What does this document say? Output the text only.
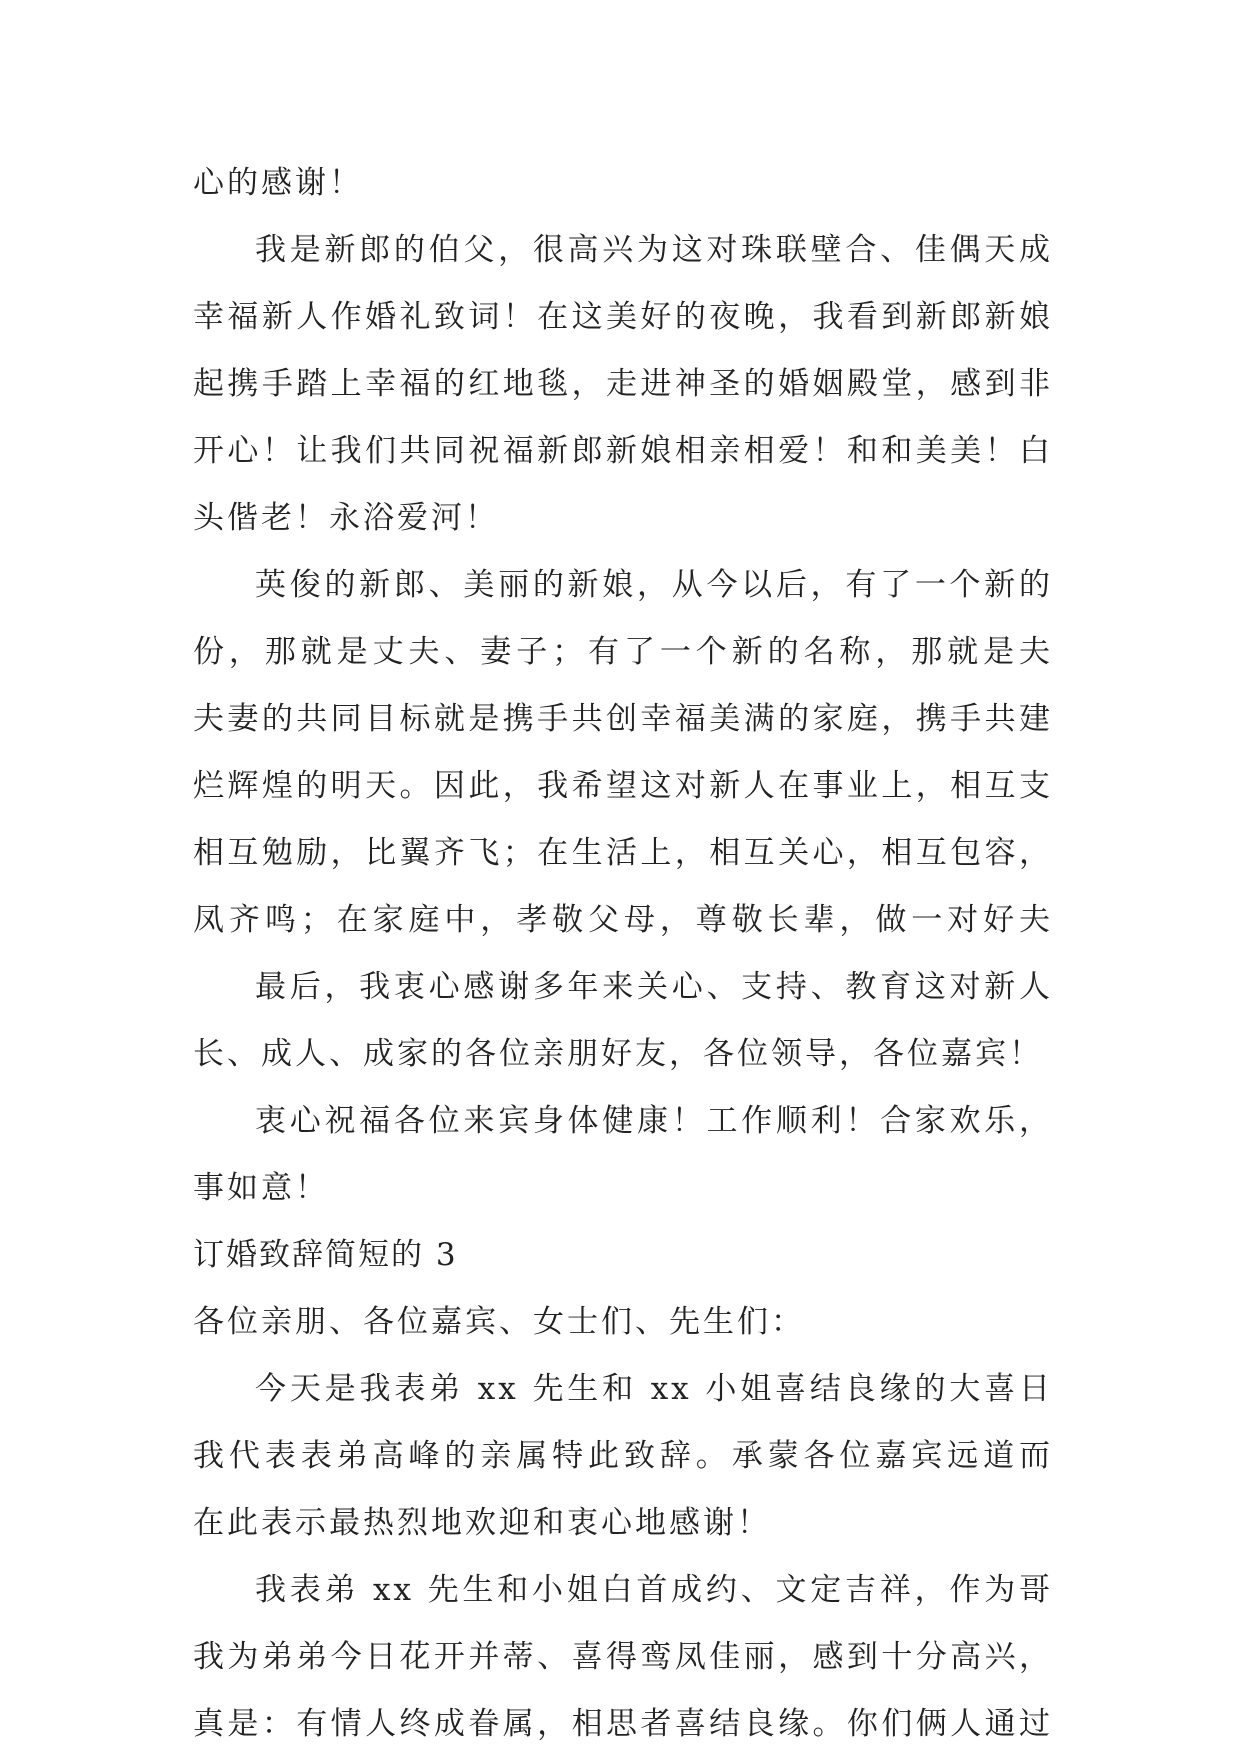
心的感谢！
我是新郎的伯父，很高兴为这对珠联壁合、佳偶天成
幸福新人作婚礼致词！在这美好的夜晚，我看到新郎新娘
起携手踏上幸福的红地毯，走进神圣的婚姻殿堂，感到非
开心！让我们共同祝福新郎新娘相亲相爱！和和美美！白
头偕老！永浴爱河！
英俊的新郎、美丽的新娘，从今以后，有了一个新的
份，那就是丈夫、妻子；有了一个新的名称，那就是夫
夫妻的共同目标就是携手共创幸福美满的家庭，携手共建
烂辉煌的明天。因此，我希望这对新人在事业上，相互支
相互勉励，比翼齐飞；在生活上，相互关心，相互包容，
凤齐鸣；在家庭中，孝敬父母，尊敬长辈，做一对好夫
最后，我衷心感谢多年来关心、支持、教育这对新人
长、成人、成家的各位亲朋好友，各位领导，各位嘉宾！
衷心祝福各位来宾身体健康！工作顺利！合家欢乐，
事如意！
订婚致辞简短的 3
各位亲朋、各位嘉宾、女士们、先生们：
今天是我表弟 xx 先生和 xx 小姐喜结良缘的大喜日
我代表表弟高峰的亲属特此致辞。承蒙各位嘉宾远道而
在此表示最热烈地欢迎和衷心地感谢！
我表弟 xx 先生和小姐白首成约、文定吉祥，作为哥
我为弟弟今日花开并蒂、喜得鸾凤佳丽，感到十分高兴，
真是：有情人终成眷属，相思者喜结良缘。你们俩人通过
